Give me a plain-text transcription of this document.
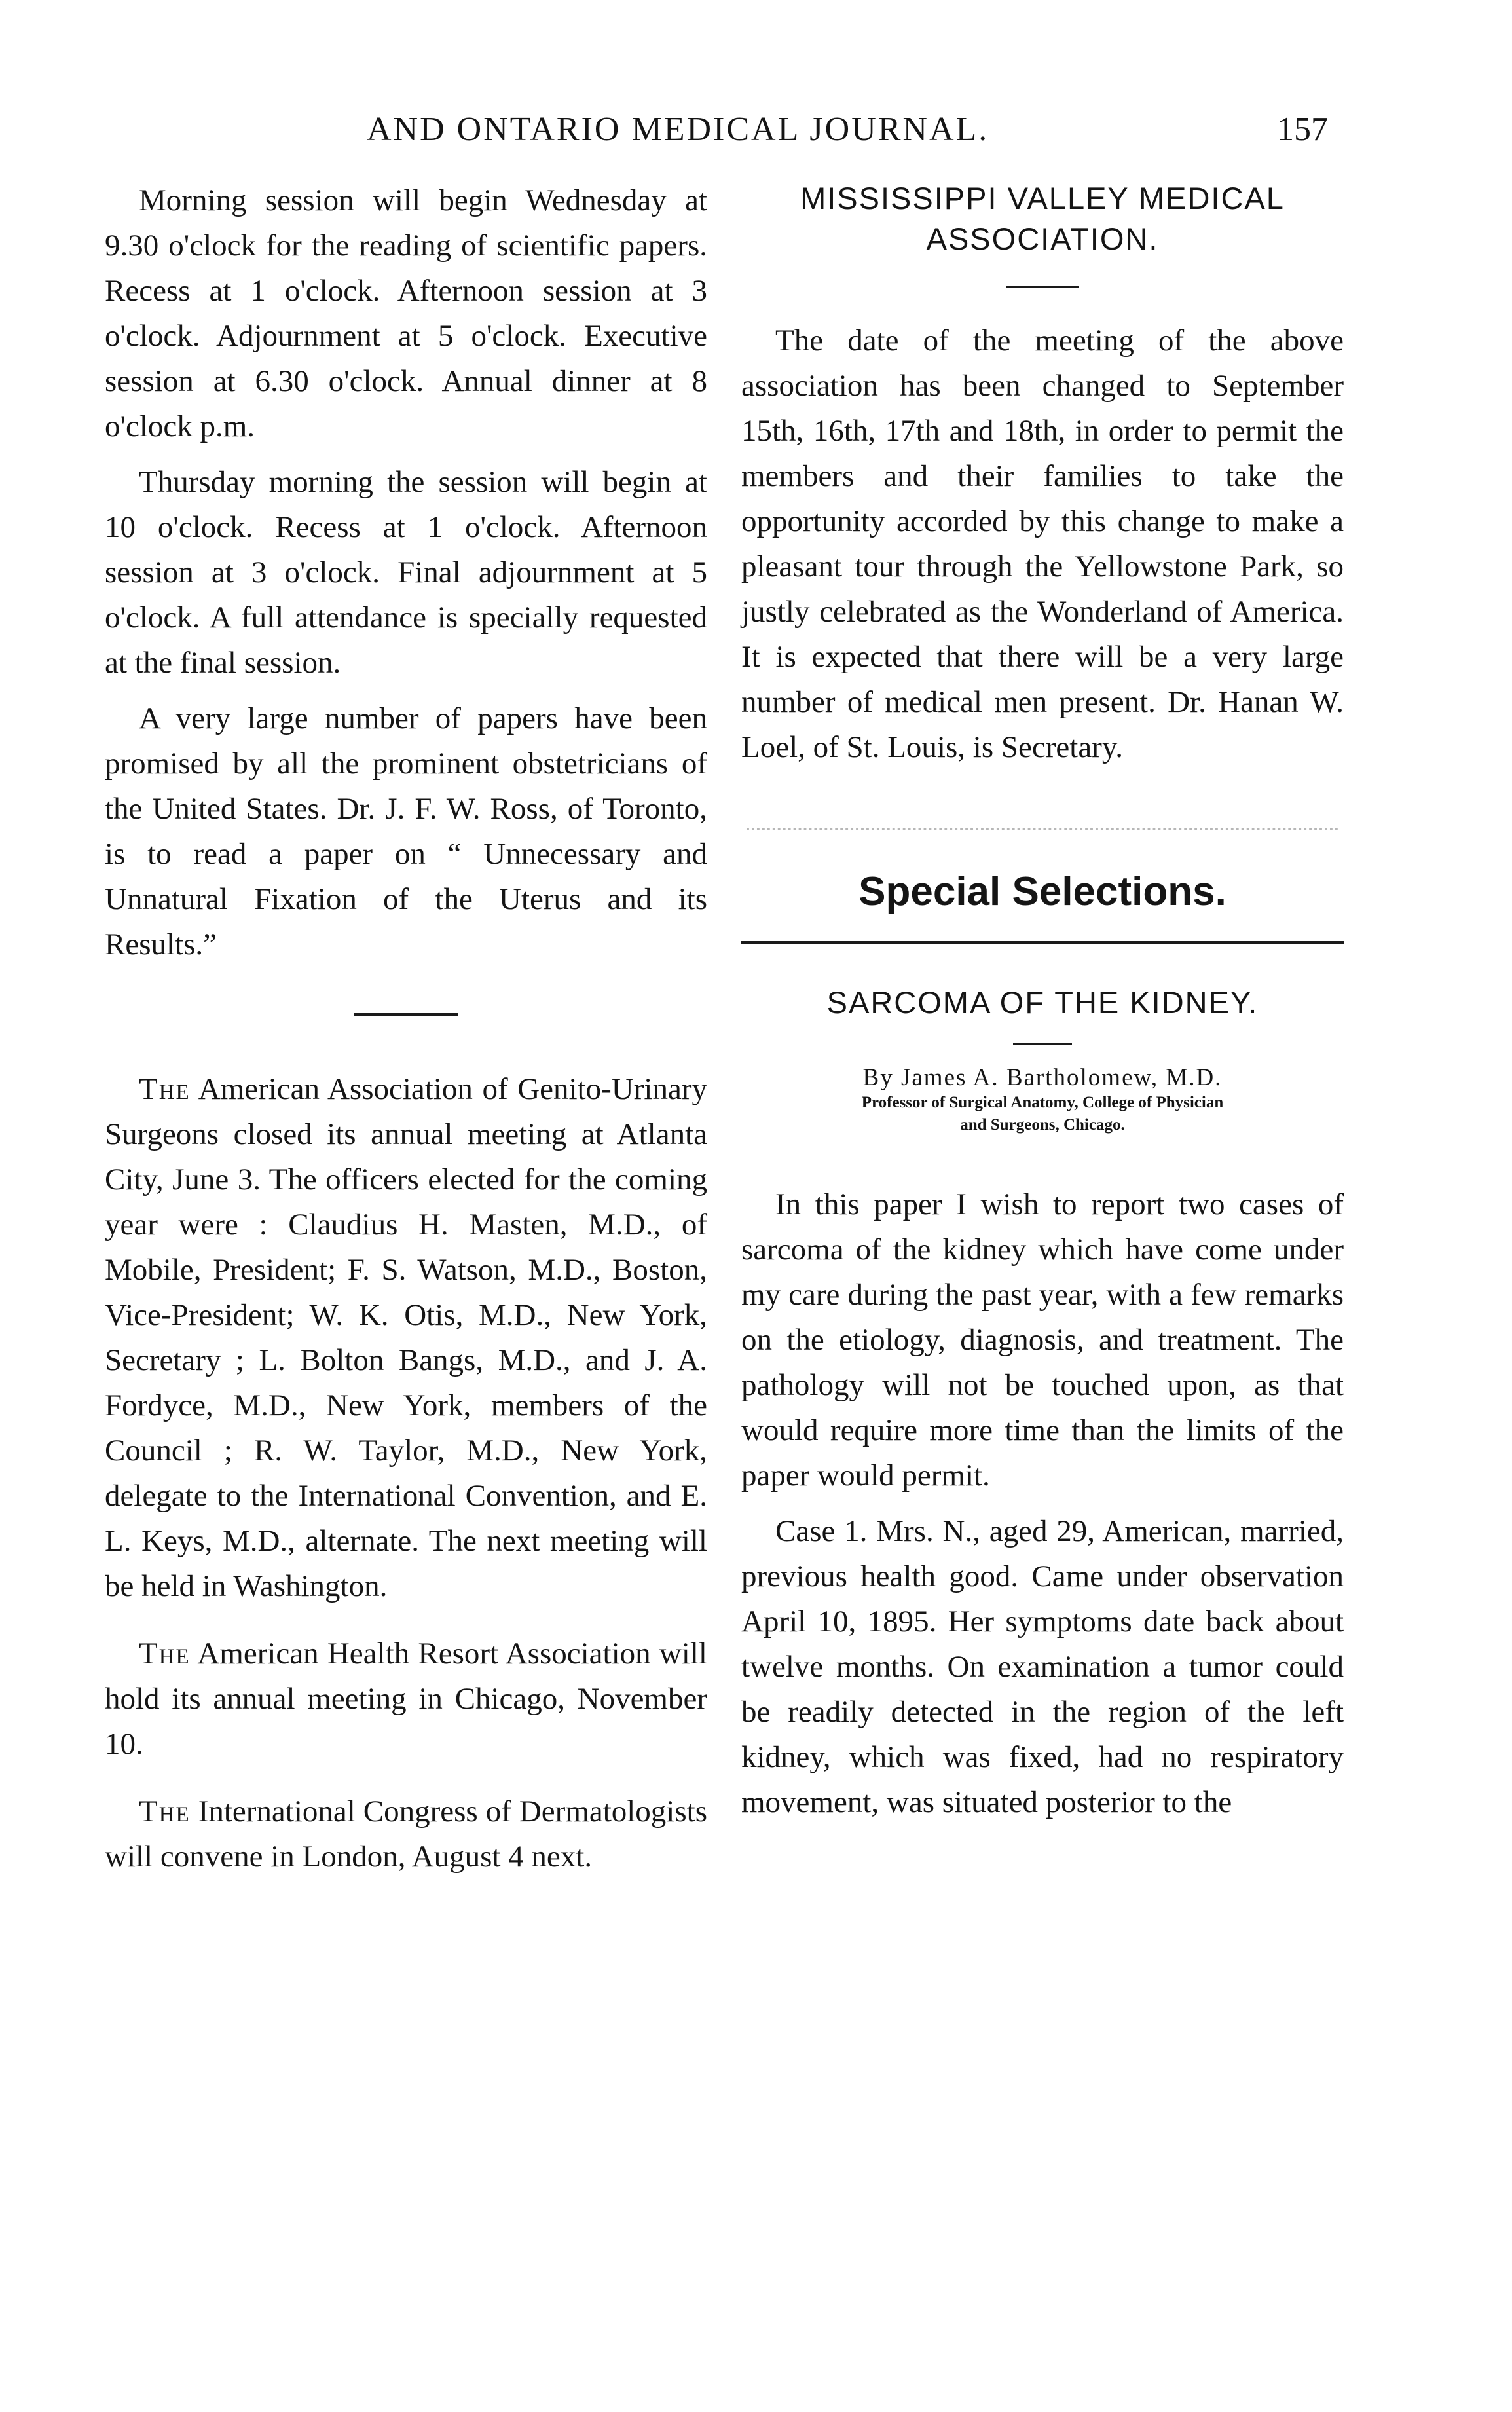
AND ONTARIO MEDICAL JOURNAL.	157

Morning session will begin Wednesday at 9.30 o'clock for the reading of scientific papers. Recess at 1 o'clock. Afternoon session at 3 o'clock. Adjournment at 5 o'clock. Executive session at 6.30 o'clock. Annual dinner at 8 o'clock p.m.

Thursday morning the session will begin at 10 o'clock. Recess at 1 o'clock. Afternoon session at 3 o'clock. Final adjournment at 5 o'clock. A full attendance is specially requested at the final session.

A very large number of papers have been promised by all the prominent obstetricians of the United States. Dr. J. F. W. Ross, of Toronto, is to read a paper on “ Unnecessary and Unnatural Fixation of the Uterus and its Results.”

The American Association of Genito-Urinary Surgeons closed its annual meeting at Atlanta City, June 3. The officers elected for the coming year were : Claudius H. Masten, M.D., of Mobile, President; F. S. Watson, M.D., Boston, Vice-President; W. K. Otis, M.D., New York, Secretary ; L. Bolton Bangs, M.D., and J. A. Fordyce, M.D., New York, members of the Council ; R. W. Taylor, M.D., New York, delegate to the International Convention, and E. L. Keys, M.D., alternate. The next meeting will be held in Washington.

The American Health Resort Association will hold its annual meeting in Chicago, November 10.

The International Congress of Dermatologists will convene in London, August 4 next.

MISSISSIPPI VALLEY MEDICAL

ASSOCIATION.

The date of the meeting of the above association has been changed to September 15th, 16th, 17th and 18th, in order to permit the members and their families to take the opportunity accorded by this change to make a pleasant tour through the Yellowstone Park, so justly celebrated as the Wonderland of America. It is expected that there will be a very large number of medical men present. Dr. Hanan W. Loel, of St. Louis, is Secretary.

Special Selections.

SARCOMA OF THE KIDNEY.

By James A. Bartholomew, M.D.

Professor of Surgical Anatomy, College of Physician

and Surgeons, Chicago.

In this paper I wish to report two cases of sarcoma of the kidney which have come under my care during the past year, with a few remarks on the etiology, diagnosis, and treatment. The pathology will not be touched upon, as that would require more time than the limits of the paper would permit.

Case 1. Mrs. N., aged 29, American, married, previous health good. Came under observation April 10, 1895. Her symptoms date back about twelve months. On examination a tumor could be readily detected in the region of the left kidney, which was fixed, had no respiratory movement, was situated posterior to the
